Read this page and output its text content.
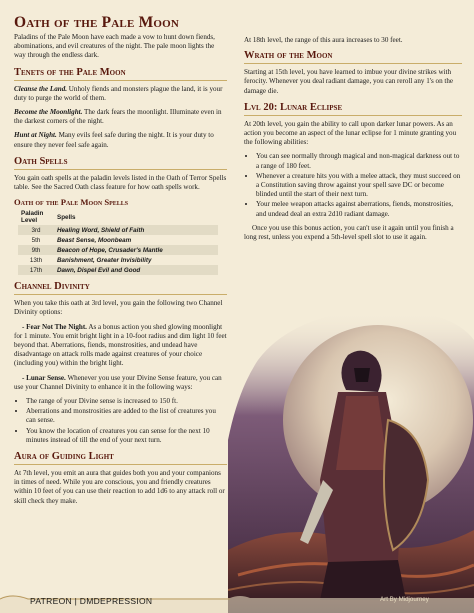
Oath of the Pale Moon

Paladins of the Pale Moon have each made a vow to hunt down fiends, abominations, and evil creatures of the night. The pale moon lights the way through the endless dark.

Tenets of the Pale Moon

Cleanse the Land. Unholy fiends and monsters plague the land, it is your duty to purge the world of them.

Become the Moonlight. The dark fears the moonlight. Illuminate even in the darkest corners of the night.

Hunt at Night. Many evils feel safe during the night. It is your duty to ensure they never feel safe again.

Oath Spells

You gain oath spells at the paladin levels listed in the Oath of Terror Spells table. See the Sacred Oath class feature for how oath spells work.

Oath of the Pale Moon Spells
Paladin Level	Spells
3rd	Healing Word, Shield of Faith
5th	Beast Sense, Moonbeam
9th	Beacon of Hope, Crusader's Mantle
13th	Banishment, Greater Invisibility
17th	Dawn, Dispel Evil and Good
Channel Divinity

When you take this oath at 3rd level, you gain the following two Channel Divinity options:

- Fear Not The Night. As a bonus action you shed glowing moonlight for 1 minute. You emit bright light in a 10-foot radius and dim light 10 feet beyond that. Aberrations, fiends, monstrosities, and undead have disadvantage on attack rolls made against creatures of your choice (including you) within the bright light.

- Lunar Sense. Whenever you use your Divine Sense feature, you can use your Channel Divinity to enhance it in the following ways:

• The range of your Divine sense is increased to 150 ft.
• Aberrations and monstrosities are added to the list of creatures you can sense.
• You know the location of creatures you can sense for the next 10 minutes instead of till the end of your next turn.
Aura of Guiding Light

At 7th level, you emit an aura that guides both you and your companions in times of need. While you are conscious, you and friendly creatures within 10 feet of you can use their reaction to add 1d6 to any attack roll or skill check they make.

At 18th level, the range of this aura increases to 30 feet.

Wrath of the Moon

Starting at 15th level, you have learned to imbue your divine strikes with ferocity. Whenever you deal radiant damage, you can reroll any 1's on the damage die.

Lvl 20: Lunar Eclipse

At 20th level, you gain the ability to call upon darker lunar powers. As an action you become an aspect of the lunar eclipse for 1 minute granting you the following abilities:

• You can see normally through magical and non-magical darkness out to a range of 180 feet.
• Whenever a creature hits you with a melee attack, they must succeed on a Constitution saving throw against your spell save DC or become blinded until the start of their next turn.
• Your melee weapon attacks against aberrations, fiends, monstrosities, and undead deal an extra 2d10 radiant damage.

Once you use this bonus action, you can't use it again until you finish a long rest, unless you expend a 5th-level spell slot to use it again.

PATREON | DMDEPRESSION	Art By Midjourney
